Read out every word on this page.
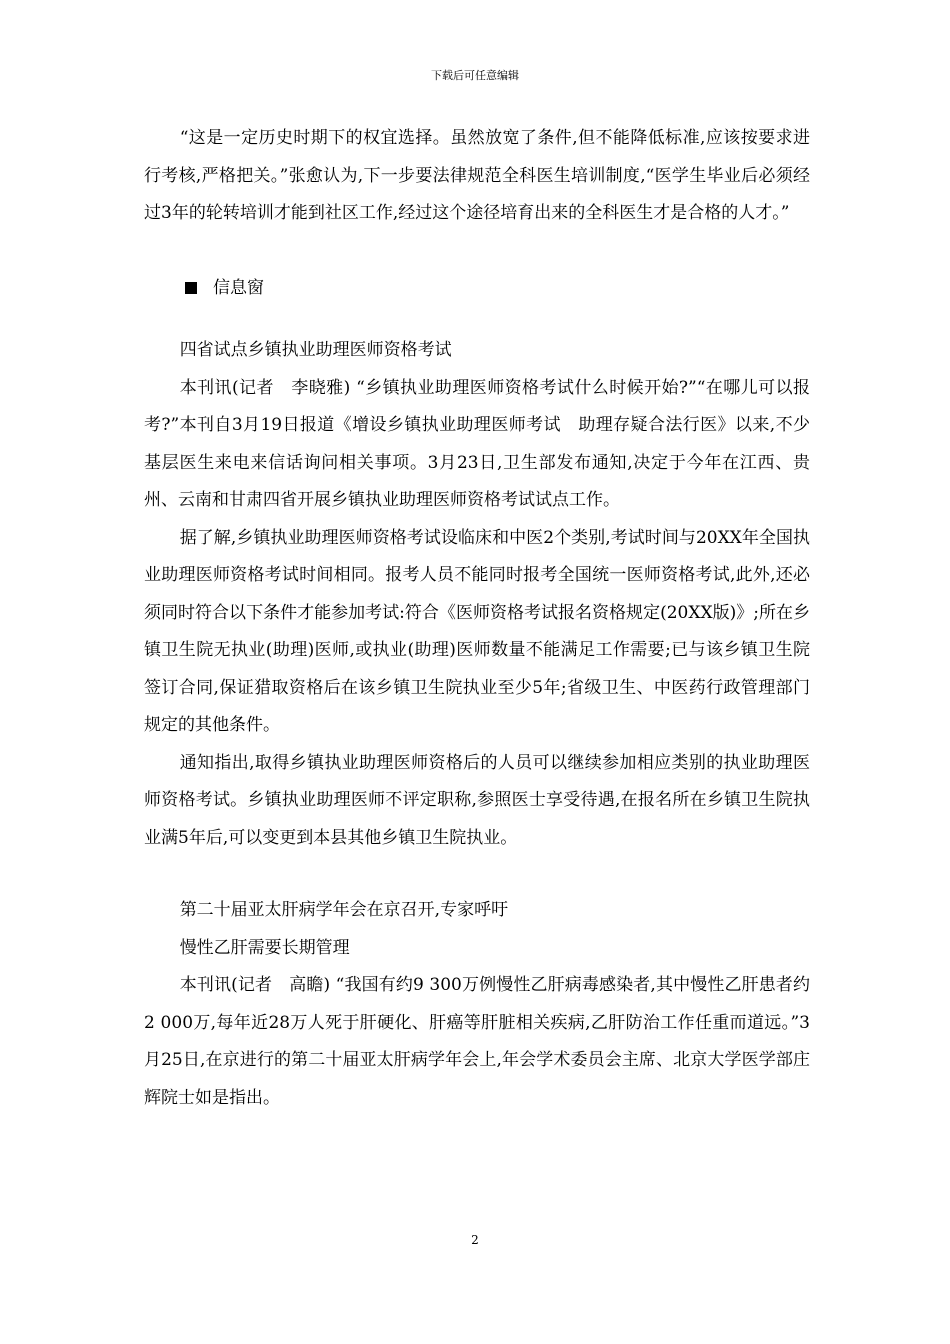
下载后可任意编辑

“这是一定历史时期下的权宜选择。虽然放宽了条件,但不能降低标准,应该按要求进行考核,严格把关。”张愈认为,下一步要法律规范全科医生培训制度,“医学生毕业后必须经过3年的轮转培训才能到社区工作,经过这个途径培育出来的全科医生才是合格的人才。”

信息窗

四省试点乡镇执业助理医师资格考试

本刊讯(记者　李晓雅) “乡镇执业助理医师资格考试什么时候开始?”“在哪儿可以报考?”本刊自3月19日报道《增设乡镇执业助理医师考试　助理存疑合法行医》以来,不少基层医生来电来信话询问相关事项。3月23日,卫生部发布通知,决定于今年在江西、贵州、云南和甘肃四省开展乡镇执业助理医师资格考试试点工作。

据了解,乡镇执业助理医师资格考试设临床和中医2个类别,考试时间与20XX年全国执业助理医师资格考试时间相同。报考人员不能同时报考全国统一医师资格考试,此外,还必须同时符合以下条件才能参加考试:符合《医师资格考试报名资格规定(20XX版)》;所在乡镇卫生院无执业(助理)医师,或执业(助理)医师数量不能满足工作需要;已与该乡镇卫生院签订合同,保证猎取资格后在该乡镇卫生院执业至少5年;省级卫生、中医药行政管理部门规定的其他条件。

通知指出,取得乡镇执业助理医师资格后的人员可以继续参加相应类别的执业助理医师资格考试。乡镇执业助理医师不评定职称,参照医士享受待遇,在报名所在乡镇卫生院执业满5年后,可以变更到本县其他乡镇卫生院执业。

第二十届亚太肝病学年会在京召开,专家呼吁

慢性乙肝需要长期管理

本刊讯(记者　高瞻) “我国有约9 300万例慢性乙肝病毒感染者,其中慢性乙肝患者约2 000万,每年近28万人死于肝硬化、肝癌等肝脏相关疾病,乙肝防治工作任重而道远。”3月25日,在京进行的第二十届亚太肝病学年会上,年会学术委员会主席、北京大学医学部庄辉院士如是指出。

2
